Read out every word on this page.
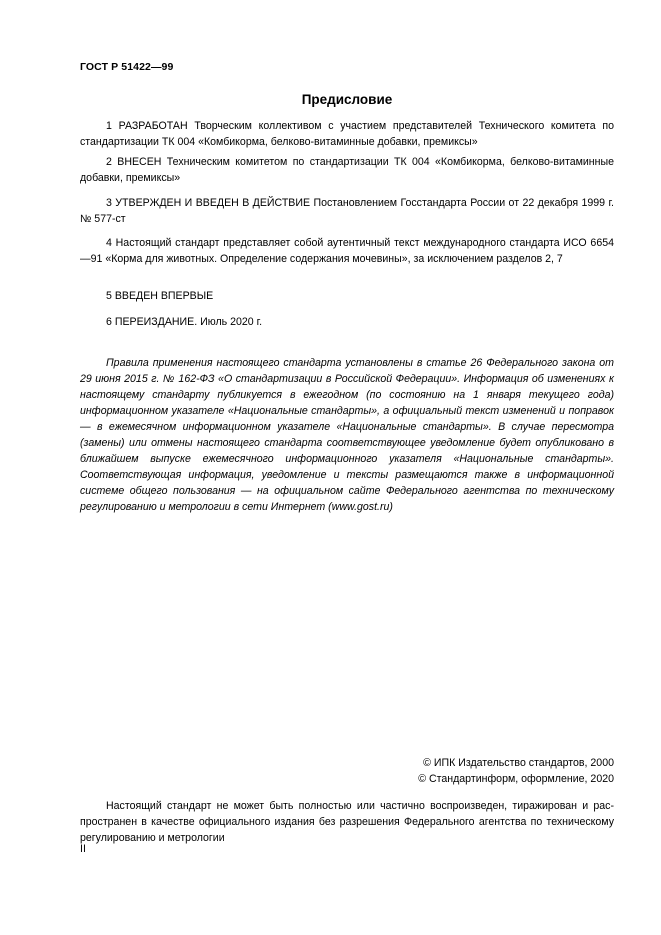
ГОСТ Р 51422—99
Предисловие

1 РАЗРАБОТАН Творческим коллективом с участием представителей Технического комитета по стандартизации ТК 004 «Комбикорма, белково-витаминные добавки, премиксы»

2 ВНЕСЕН Техническим комитетом по стандартизации ТК 004 «Комбикорма, белково-витаминные добавки, премиксы»

3 УТВЕРЖДЕН И ВВЕДЕН В ДЕЙСТВИЕ Постановлением Госстандарта России от 22 декабря 1999 г. № 577-ст

4 Настоящий стандарт представляет собой аутентичный текст международного стандарта ИСО 6654—91 «Корма для животных. Определение содержания мочевины», за исключением разделов 2, 7

5 ВВЕДЕН ВПЕРВЫЕ

6 ПЕРЕИЗДАНИЕ. Июль 2020 г.

Правила применения настоящего стандарта установлены в статье 26 Федерального закона от 29 июня 2015 г. № 162-ФЗ «О стандартизации в Российской Федерации». Информация об изменениях к настоящему стандарту публикуется в ежегодном (по состоянию на 1 января текущего года) информационном указателе «Национальные стандарты», а официальный текст изменений и поправок — в ежемесячном информационном указателе «Национальные стандарты». В случае пересмотра (замены) или отмены настоящего стандарта соответствующее уведомление будет опубликовано в ближайшем выпуске ежемесячного информационного указателя «Национальные стандарты». Соответствующая информация, уведомление и тексты размещаются также в информационной системе общего пользования — на официальном сайте Федерального агентства по техническому регулированию и метрологии в сети Интернет (www.gost.ru)

© ИПК Издательство стандартов, 2000
© Стандартинформ, оформление, 2020

Настоящий стандарт не может быть полностью или частично воспроизведен, тиражирован и распространен в качестве официального издания без разрешения Федерального агентства по техническому регулированию и метрологии

II
